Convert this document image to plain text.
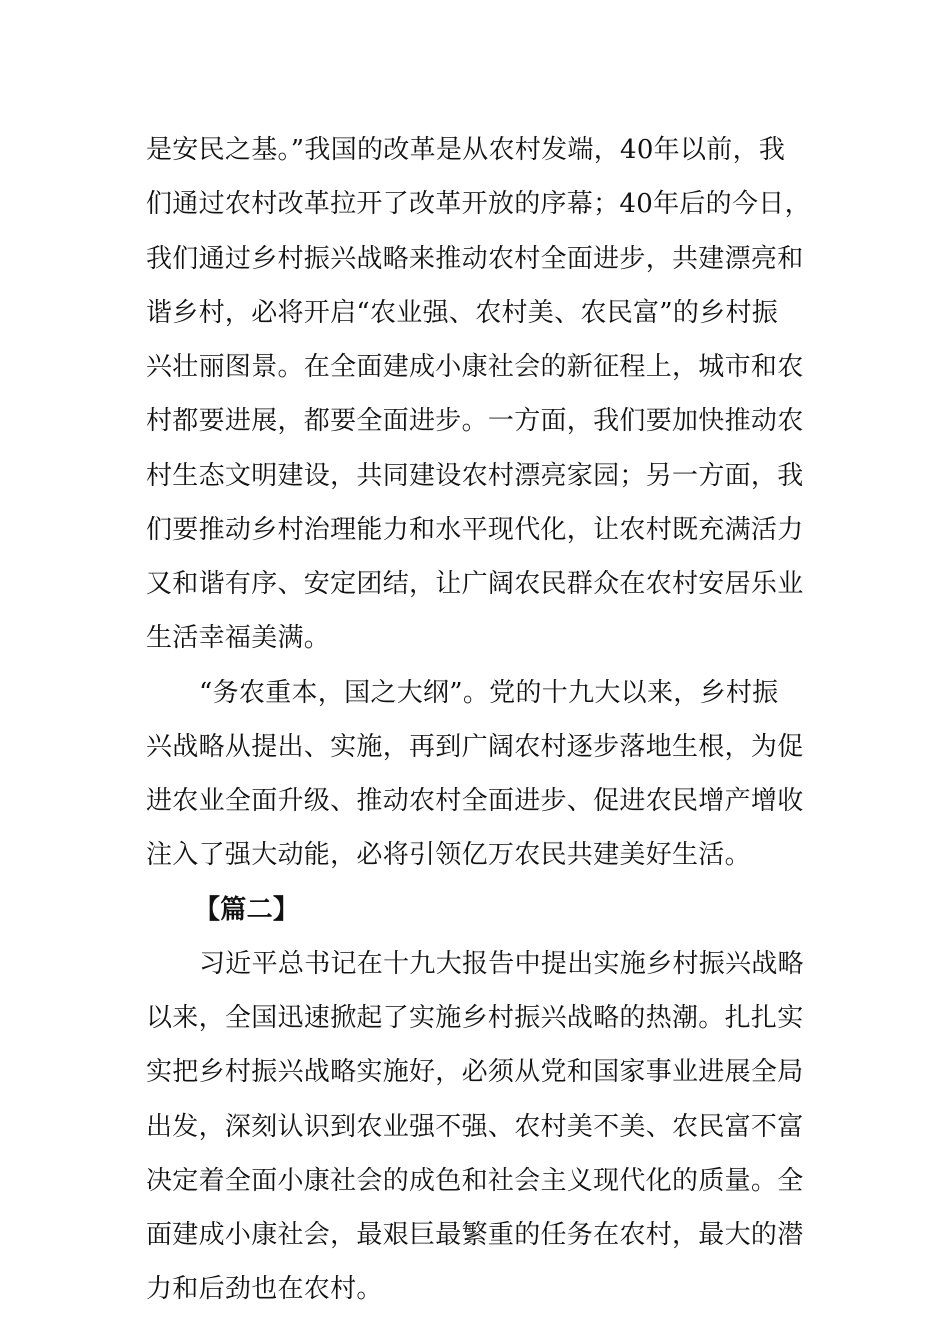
是安民之基。”我国的改革是从农村发端，40年以前，我
们通过农村改革拉开了改革开放的序幕；40年后的今日，
我们通过乡村振兴战略来推动农村全面进步，共建漂亮和
谐乡村，必将开启“农业强、农村美、农民富”的乡村振
兴壮丽图景。在全面建成小康社会的新征程上，城市和农
村都要进展，都要全面进步。一方面，我们要加快推动农
村生态文明建设，共同建设农村漂亮家园；另一方面，我
们要推动乡村治理能力和水平现代化，让农村既充满活力
又和谐有序、安定团结，让广阔农民群众在农村安居乐业
生活幸福美满。
“务农重本，国之大纲”。党的十九大以来，乡村振
兴战略从提出、实施，再到广阔农村逐步落地生根，为促
进农业全面升级、推动农村全面进步、促进农民增产增收
注入了强大动能，必将引领亿万农民共建美好生活。
【篇二】
习近平总书记在十九大报告中提出实施乡村振兴战略
以来，全国迅速掀起了实施乡村振兴战略的热潮。扎扎实
实把乡村振兴战略实施好，必须从党和国家事业进展全局
出发，深刻认识到农业强不强、农村美不美、农民富不富
决定着全面小康社会的成色和社会主义现代化的质量。全
面建成小康社会，最艰巨最繁重的任务在农村，最大的潜
力和后劲也在农村。
